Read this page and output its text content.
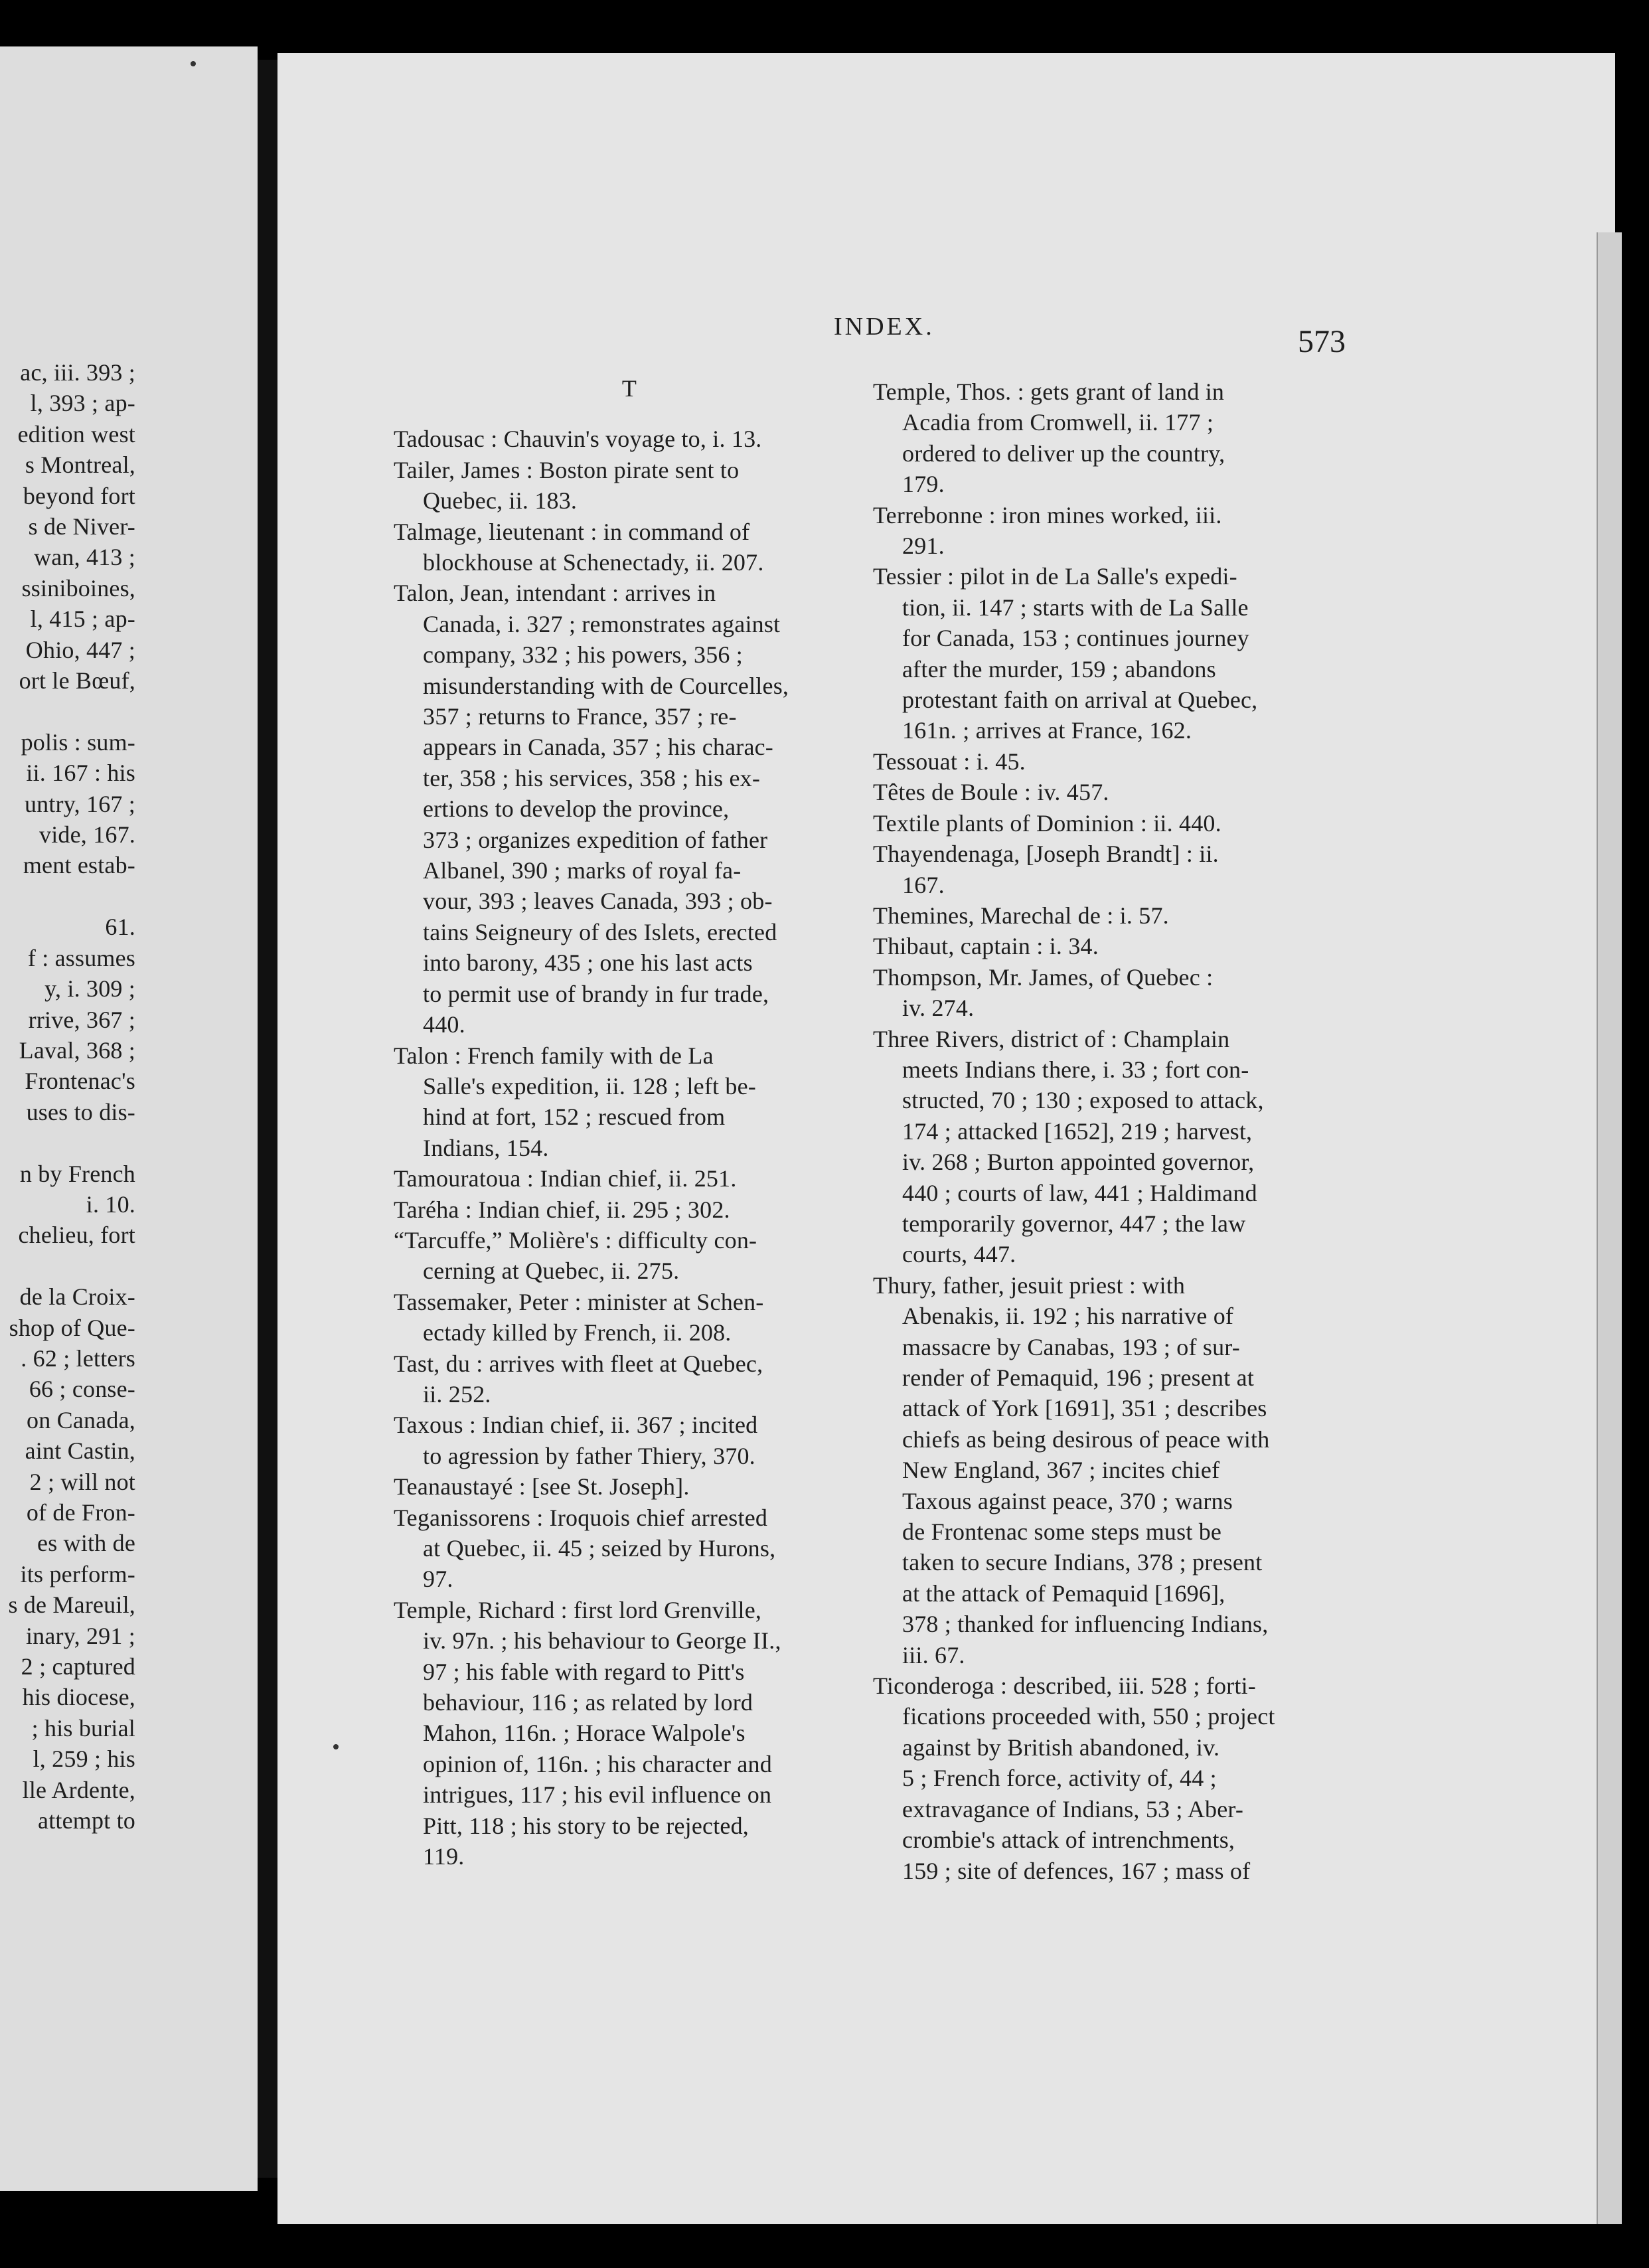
ac, iii. 393 ;
l, 393 ; ap-
edition west
s Montreal,
beyond fort
s de Niver-
wan, 413 ;
ssiniboines,
l, 415 ; ap-
Ohio, 447 ;
ort le Bœuf,
polis : sum-
ii. 167 : his
untry, 167 ;
vide, 167.
ment estab-
61.
f : assumes
y, i. 309 ;
rrive, 367 ;
Laval, 368 ;
Frontenac's
uses to dis-
n by French
i. 10.
chelieu, fort
de la Croix-
shop of Que-
. 62 ; letters
66 ; conse-
on Canada,
aint Castin,
2 ; will not
of de Fron-
es with de
its perform-
s de Mareuil,
inary, 291 ;
2 ; captured
his diocese,
; his burial
l, 259 ; his
lle Ardente,
attempt to
INDEX.	573
T
Tadousac : Chauvin's voyage to, i. 13.
Tailer, James : Boston pirate sent to
Quebec, ii. 183.
Talmage, lieutenant : in command of
blockhouse at Schenectady, ii. 207.
Talon, Jean, intendant : arrives in
Canada, i. 327 ; remonstrates against
company, 332 ; his powers, 356 ;
misunderstanding with de Courcelles,
357 ; returns to France, 357 ; re-
appears in Canada, 357 ; his charac-
ter, 358 ; his services, 358 ; his ex-
ertions to develop the province,
373 ; organizes expedition of father
Albanel, 390 ; marks of royal fa-
vour, 393 ; leaves Canada, 393 ; ob-
tains Seigneury of des Islets, erected
into barony, 435 ; one his last acts
to permit use of brandy in fur trade,
440.
Talon : French family with de La
Salle's expedition, ii. 128 ; left be-
hind at fort, 152 ; rescued from
Indians, 154.
Tamouratoua : Indian chief, ii. 251.
Taréha : Indian chief, ii. 295 ; 302.
“Tarcuffe,” Molière's : difficulty con-
cerning at Quebec, ii. 275.
Tassemaker, Peter : minister at Schen-
ectady killed by French, ii. 208.
Tast, du : arrives with fleet at Quebec,
ii. 252.
Taxous : Indian chief, ii. 367 ; incited
to agression by father Thiery, 370.
Teanaustayé : [see St. Joseph].
Teganissorens : Iroquois chief arrested
at Quebec, ii. 45 ; seized by Hurons,
97.
Temple, Richard : first lord Grenville,
iv. 97n. ; his behaviour to George II.,
97 ; his fable with regard to Pitt's
behaviour, 116 ; as related by lord
Mahon, 116n. ; Horace Walpole's
opinion of, 116n. ; his character and
intrigues, 117 ; his evil influence on
Pitt, 118 ; his story to be rejected,
119.
Temple, Thos. : gets grant of land in
Acadia from Cromwell, ii. 177 ;
ordered to deliver up the country,
179.
Terrebonne : iron mines worked, iii.
291.
Tessier : pilot in de La Salle's expedi-
tion, ii. 147 ; starts with de La Salle
for Canada, 153 ; continues journey
after the murder, 159 ; abandons
protestant faith on arrival at Quebec,
161n. ; arrives at France, 162.
Tessouat : i. 45.
Têtes de Boule : iv. 457.
Textile plants of Dominion : ii. 440.
Thayendenaga, [Joseph Brandt] : ii.
167.
Themines, Marechal de : i. 57.
Thibaut, captain : i. 34.
Thompson, Mr. James, of Quebec :
iv. 274.
Three Rivers, district of : Champlain
meets Indians there, i. 33 ; fort con-
structed, 70 ; 130 ; exposed to attack,
174 ; attacked [1652], 219 ; harvest,
iv. 268 ; Burton appointed governor,
440 ; courts of law, 441 ; Haldimand
temporarily governor, 447 ; the law
courts, 447.
Thury, father, jesuit priest : with
Abenakis, ii. 192 ; his narrative of
massacre by Canabas, 193 ; of sur-
render of Pemaquid, 196 ; present at
attack of York [1691], 351 ; describes
chiefs as being desirous of peace with
New England, 367 ; incites chief
Taxous against peace, 370 ; warns
de Frontenac some steps must be
taken to secure Indians, 378 ; present
at the attack of Pemaquid [1696],
378 ; thanked for influencing Indians,
iii. 67.
Ticonderoga : described, iii. 528 ; forti-
fications proceeded with, 550 ; project
against by British abandoned, iv.
5 ; French force, activity of, 44 ;
extravagance of Indians, 53 ; Aber-
crombie's attack of intrenchments,
159 ; site of defences, 167 ; mass of
